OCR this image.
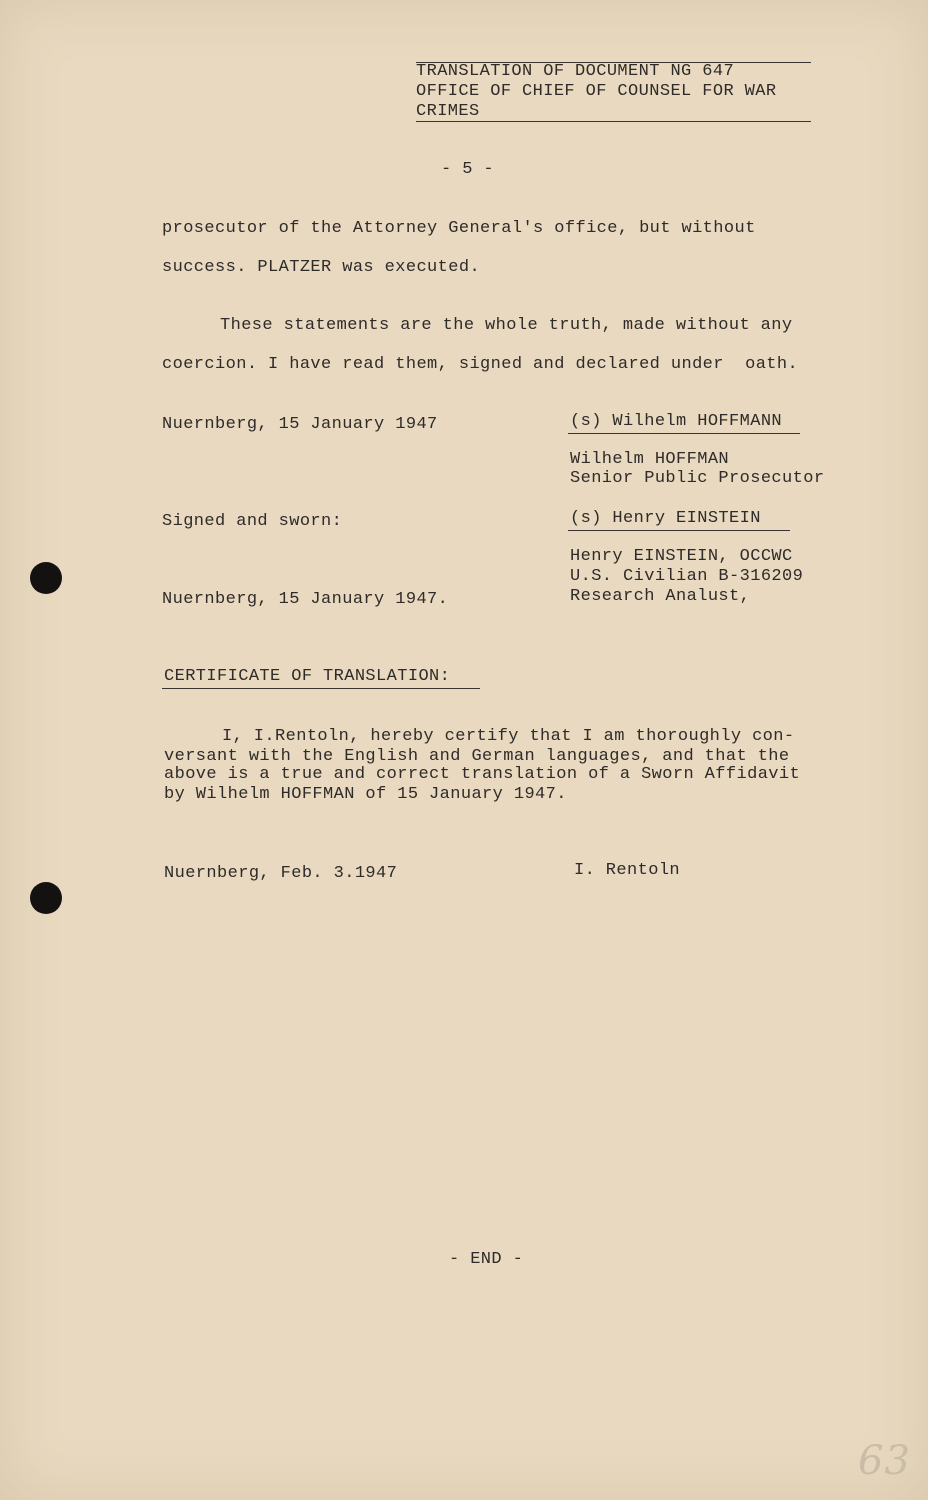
TRANSLATION OF DOCUMENT NG 647
OFFICE OF CHIEF OF COUNSEL FOR WAR
CRIMES
- 5 -
prosecutor of the Attorney General's office, but without
success. PLATZER was executed.
These statements are the whole truth, made without any
coercion. I have read them, signed and declared under  oath.
Nuernberg, 15 January 1947	(s) Wilhelm HOFFMANN
Wilhelm HOFFMAN
Senior Public Prosecutor
Signed and sworn:	(s) Henry EINSTEIN
Henry EINSTEIN, OCCWC
U.S. Civilian B-316209
Research Analust,
Nuernberg, 15 January 1947.
CERTIFICATE OF TRANSLATION:
I, I.Rentoln, hereby certify that I am thoroughly con-
versant with the English and German languages, and that the
above is a true and correct translation of a Sworn Affidavit
by Wilhelm HOFFMAN of 15 January 1947.
Nuernberg, Feb. 3.1947	I. Rentoln
- END -
63
